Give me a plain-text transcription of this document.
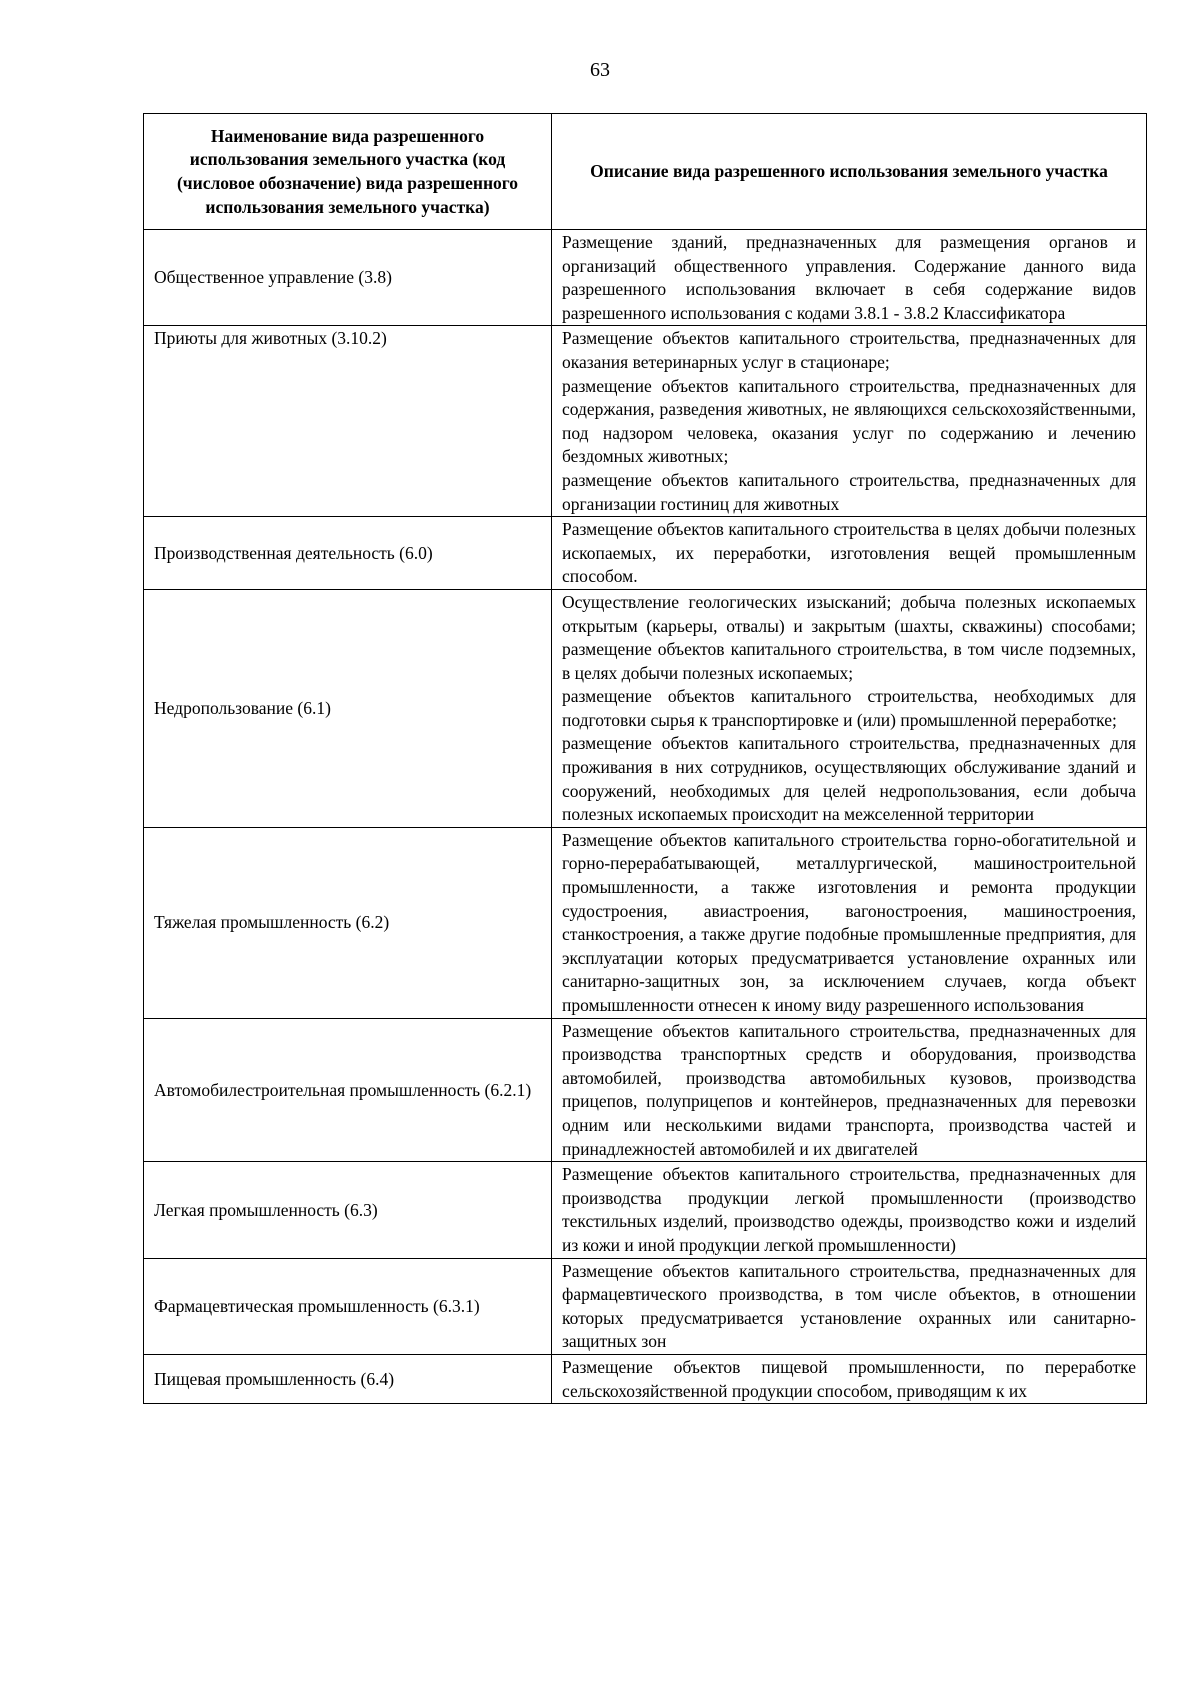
63
Наименование вида разрешенного использования земельного участка (код (числовое обозначение) вида разрешенного использования земельного участка)	Описание вида разрешенного использования земельного участка
Общественное управление (3.8)	Размещение зданий, предназначенных для размещения органов и организаций общественного управления. Содержание данного вида разрешенного использования включает в себя содержание видов разрешенного использования с кодами 3.8.1 - 3.8.2 Классификатора

Приюты для животных (3.10.2)	Размещение объектов капитального строительства, предназначенных для оказания ветеринарных услуг в стационаре;
размещение объектов капитального строительства, предназначенных для содержания, разведения животных, не являющихся сельскохозяйственными, под надзором человека, оказания услуг по содержанию и лечению бездомных животных;
размещение объектов капитального строительства, предназначенных для организации гостиниц для животных

Производственная деятельность (6.0)	Размещение объектов капитального строительства в целях добычи полезных ископаемых, их переработки, изготовления вещей промышленным способом.

Недропользование (6.1)	Осуществление геологических изысканий; добыча полезных ископаемых открытым (карьеры, отвалы) и закрытым (шахты, скважины) способами; размещение объектов капитального строительства, в том числе подземных, в целях добычи полезных ископаемых;
размещение объектов капитального строительства, необходимых для подготовки сырья к транспортировке и (или) промышленной переработке;
размещение объектов капитального строительства, предназначенных для проживания в них сотрудников, осуществляющих обслуживание зданий и сооружений, необходимых для целей недропользования, если добыча полезных ископаемых происходит на межселенной территории

Тяжелая промышленность (6.2)	Размещение объектов капитального строительства горно-обогатительной и горно-перерабатывающей, металлургической, машиностроительной промышленности, а также изготовления и ремонта продукции судостроения, авиастроения, вагоностроения, машиностроения, станкостроения, а также другие подобные промышленные предприятия, для эксплуатации которых предусматривается установление охранных или санитарно-защитных зон, за исключением случаев, когда объект промышленности отнесен к иному виду разрешенного использования

Автомобилестроительная промышленность (6.2.1)	Размещение объектов капитального строительства, предназначенных для производства транспортных средств и оборудования, производства автомобилей, производства автомобильных кузовов, производства прицепов, полуприцепов и контейнеров, предназначенных для перевозки одним или несколькими видами транспорта, производства частей и принадлежностей автомобилей и их двигателей

Легкая промышленность (6.3)	Размещение объектов капитального строительства, предназначенных для производства продукции легкой промышленности (производство текстильных изделий, производство одежды, производство кожи и изделий из кожи и иной продукции легкой промышленности)

Фармацевтическая промышленность (6.3.1)	Размещение объектов капитального строительства, предназначенных для фармацевтического производства, в том числе объектов, в отношении которых предусматривается установление охранных или санитарно-защитных зон

Пищевая промышленность (6.4)	Размещение объектов пищевой промышленности, по переработке сельскохозяйственной продукции способом, приводящим к их
